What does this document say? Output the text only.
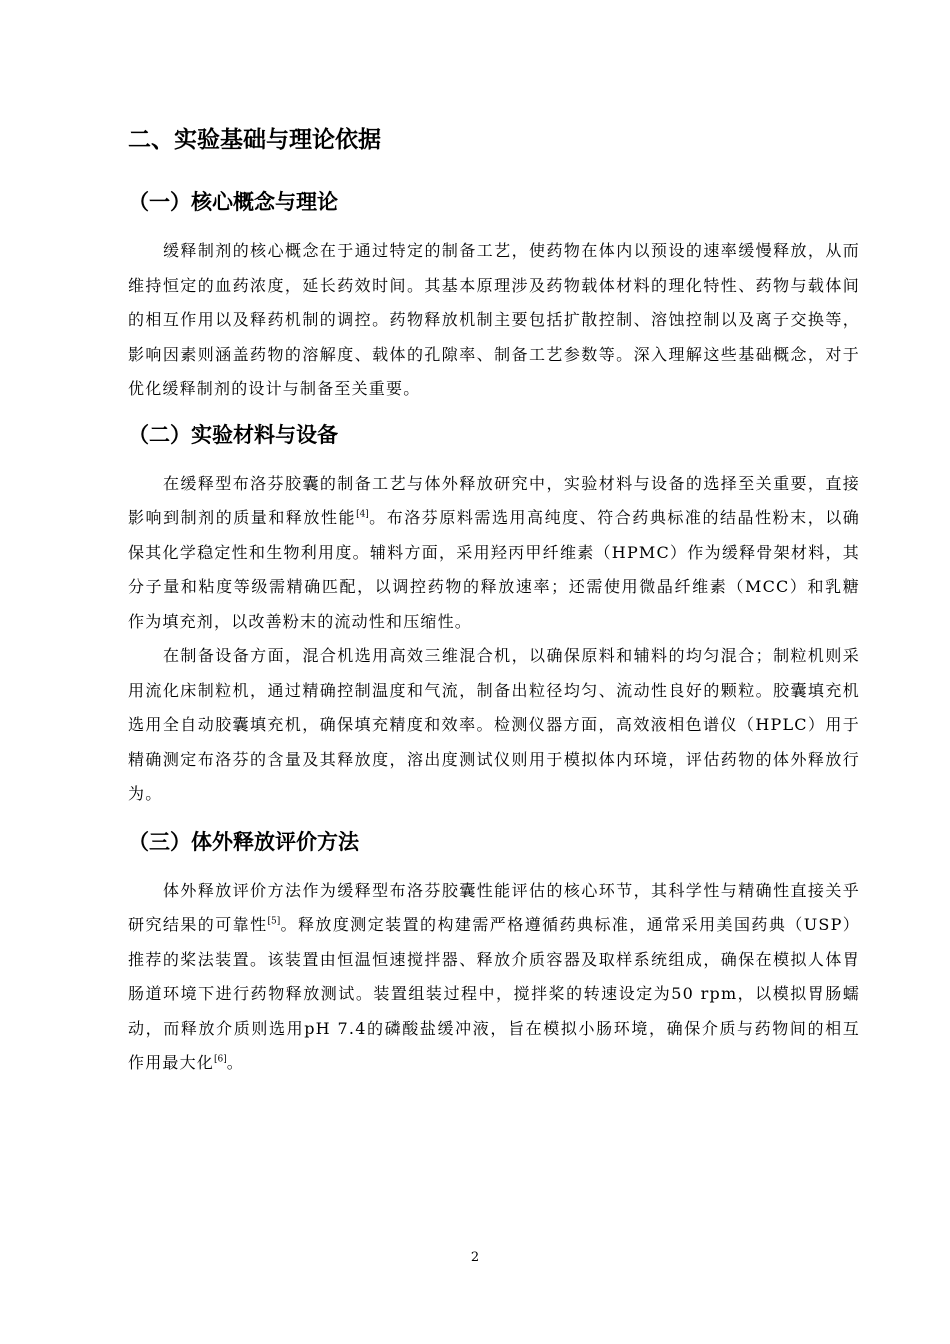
二、实验基础与理论依据
（一）核心概念与理论

缓释制剂的核心概念在于通过特定的制备工艺，使药物在体内以预设的速率缓慢释放，从而维持恒定的血药浓度，延长药效时间。其基本原理涉及药物载体材料的理化特性、药物与载体间的相互作用以及释药机制的调控。药物释放机制主要包括扩散控制、溶蚀控制以及离子交换等，影响因素则涵盖药物的溶解度、载体的孔隙率、制备工艺参数等。深入理解这些基础概念，对于优化缓释制剂的设计与制备至关重要。

（二）实验材料与设备

在缓释型布洛芬胶囊的制备工艺与体外释放研究中，实验材料与设备的选择至关重要，直接影响到制剂的质量和释放性能[4]。布洛芬原料需选用高纯度、符合药典标准的结晶性粉末，以确保其化学稳定性和生物利用度。辅料方面，采用羟丙甲纤维素（HPMC）作为缓释骨架材料，其分子量和粘度等级需精确匹配，以调控药物的释放速率；还需使用微晶纤维素（MCC）和乳糖作为填充剂，以改善粉末的流动性和压缩性。

在制备设备方面，混合机选用高效三维混合机，以确保原料和辅料的均匀混合；制粒机则采用流化床制粒机，通过精确控制温度和气流，制备出粒径均匀、流动性良好的颗粒。胶囊填充机选用全自动胶囊填充机，确保填充精度和效率。检测仪器方面，高效液相色谱仪（HPLC）用于精确测定布洛芬的含量及其释放度，溶出度测试仪则用于模拟体内环境，评估药物的体外释放行为。

（三）体外释放评价方法

体外释放评价方法作为缓释型布洛芬胶囊性能评估的核心环节，其科学性与精确性直接关乎研究结果的可靠性[5]。释放度测定装置的构建需严格遵循药典标准，通常采用美国药典（USP）推荐的桨法装置。该装置由恒温恒速搅拌器、释放介质容器及取样系统组成，确保在模拟人体胃肠道环境下进行药物释放测试。装置组装过程中，搅拌桨的转速设定为50 rpm，以模拟胃肠蠕动，而释放介质则选用pH 7.4的磷酸盐缓冲液，旨在模拟小肠环境，确保介质与药物间的相互作用最大化[6]。

2
